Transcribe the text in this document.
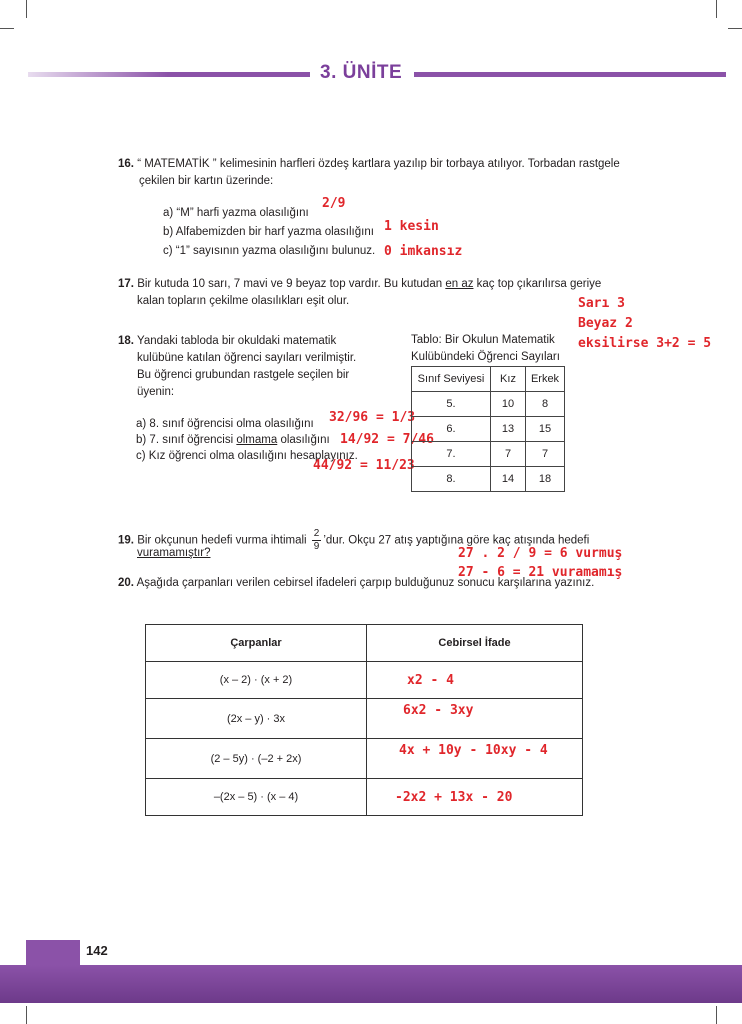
3. ÜNİTE
16. “ MATEMATİK ” kelimesinin harfleri özdeş kartlara yazılıp bir torbaya atılıyor. Torbadan rastgele
çekilen bir kartın üzerinde:
a) “M” harfi yazma olasılığını
b) Alfabemizden bir harf yazma olasılığını
c) “1” sayısının yazma olasılığını bulunuz.
2/9
1 kesin
0 imkansız
17. Bir kutuda 10 sarı, 7 mavi ve 9 beyaz top vardır. Bu kutudan en az kaç top çıkarılırsa geriye
kalan topların çekilme olasılıkları eşit olur.	Sarı 3
Beyaz 2
eksilirse 3+2 = 5
18. Yandaki tabloda bir okuldaki matematik
kulübüne katılan öğrenci sayıları verilmiştir.
Bu öğrenci grubundan rastgele seçilen bir
üyenin:
a) 8. sınıf öğrencisi olma olasılığını
b) 7. sınıf öğrencisi olmama olasılığını
c) Kız öğrenci olma olasılığını hesaplayınız.
32/96 = 1/3
14/92 = 7/46
44/92 = 11/23
Tablo: Bir Okulun Matematik
Kulübündeki Öğrenci Sayıları
Sınıf Seviyesi	Kız	Erkek
5.	10	8
6.	13	15
7.	7	7
8.	14	18
19. Bir okçunun hedefi vurma ihtimali $\frac{2}{9}$ ’dur. Okçu 27 atış yaptığına göre kaç atışında hedefi
vuramamıştır?	27 . 2 / 9 = 6 vurmuş
20. Aşağıda çarpanları verilen cebirsel ifadeleri çarpıp bulduğunuz sonucu karşılarına yazınız.
27 - 6 = 21 vuramamış
Çarpanlar	Cebirsel İfade
(x – 2) · (x + 2)	x2 - 4
(2x – y) · 3x	6x2 - 3xy
(2 – 5y) · (–2 + 2x)	4x + 10y - 10xy - 4
–(2x – 5) · (x – 4)	-2x2 + 13x - 20
142
